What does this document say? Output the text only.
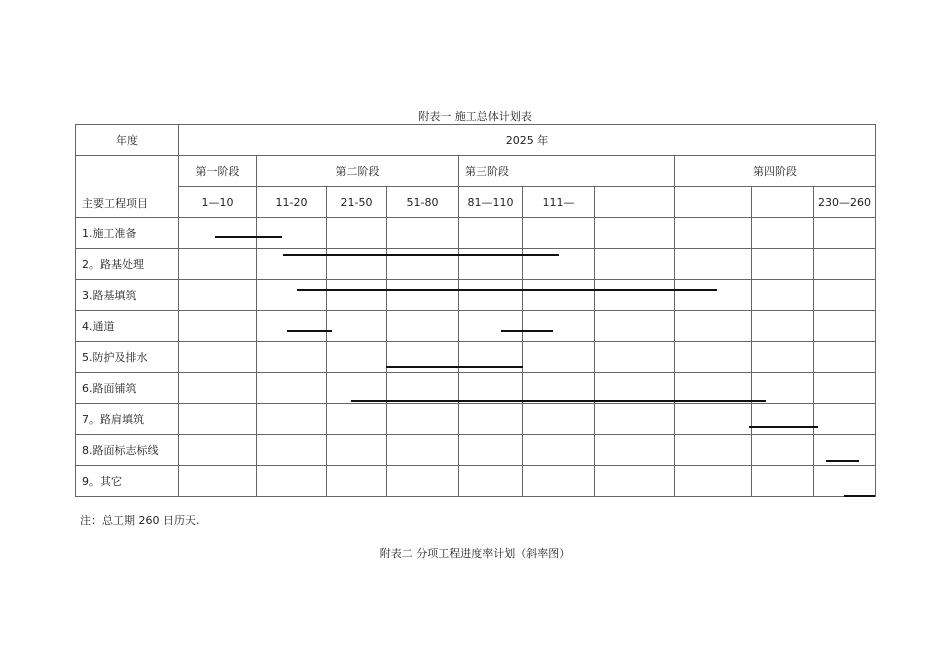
附表一 施工总体计划表
年度	2025 年									
主要工程项目	第一阶段	第二阶段			第三阶段			第四阶段		
	1—10	11-20	21-50	51-80	81—110	111—				230—260
1.施工准备										
2。路基处理										
3.路基填筑										
4.通道										
5.防护及排水										
6.路面铺筑										
7。路肩填筑										
8.路面标志标线										
9。其它										
注：总工期 260 日历天.
附表二 分项工程进度率计划（斜率图）
